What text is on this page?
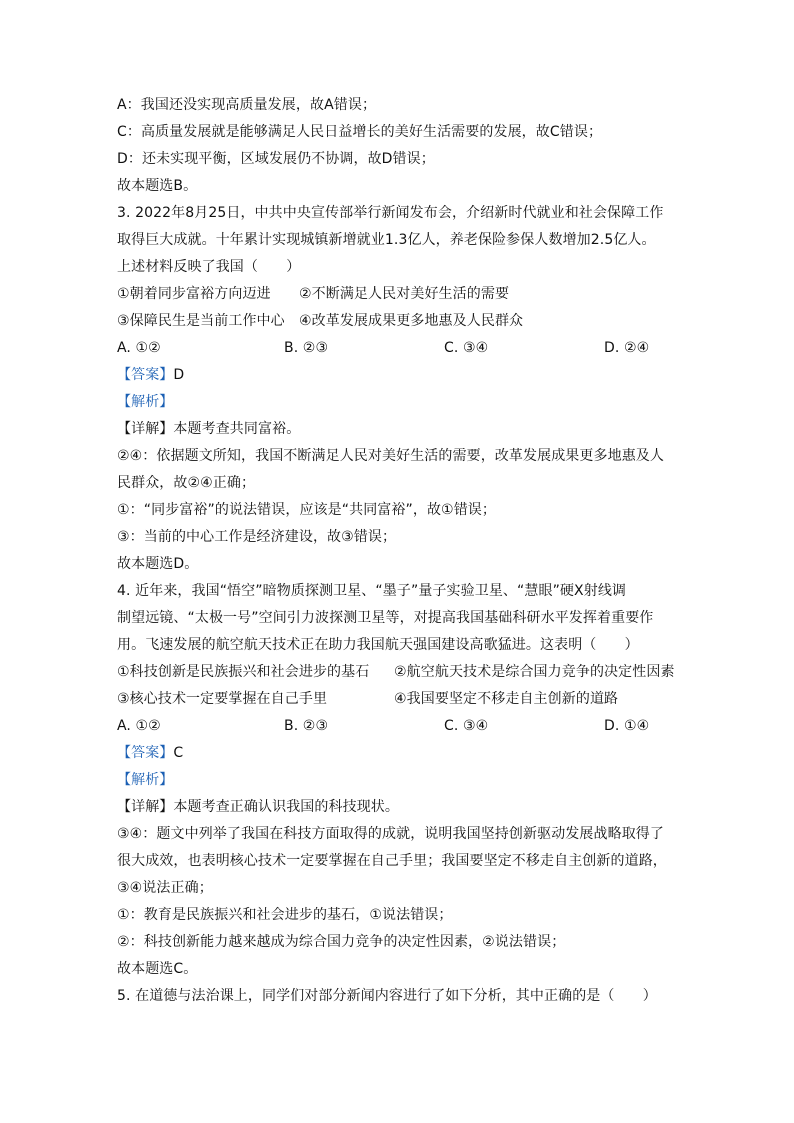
A：我国还没实现高质量发展，故A错误；
C：高质量发展就是能够满足人民日益增长的美好生活需要的发展，故C错误；
D：还未实现平衡，区域发展仍不协调，故D错误；
故本题选B。
3. 2022年8月25日，中共中央宣传部举行新闻发布会，介绍新时代就业和社会保障工作
取得巨大成就。十年累计实现城镇新增就业1.3亿人，养老保险参保人数增加2.5亿人。
上述材料反映了我国（　　）
①朝着同步富裕方向迈进	②不断满足人民对美好生活的需要
③保障民生是当前工作中心	④改革发展成果更多地惠及人民群众
A. ①②	B. ②③	C. ③④	D. ②④
【答案】D
【解析】
【详解】本题考查共同富裕。
②④：依据题文所知，我国不断满足人民对美好生活的需要，改革发展成果更多地惠及人
民群众，故②④正确；
①：“同步富裕”的说法错误，应该是“共同富裕”，故①错误；
③：当前的中心工作是经济建设，故③错误；
故本题选D。
4. 近年来，我国“悟空”暗物质探测卫星、“墨子”量子实验卫星、“慧眼”硬X射线调
制望远镜、“太极一号”空间引力波探测卫星等，对提高我国基础科研水平发挥着重要作
用。飞速发展的航空航天技术正在助力我国航天强国建设高歌猛进。这表明（　　）
①科技创新是民族振兴和社会进步的基石	②航空航天技术是综合国力竞争的决定性因素
③核心技术一定要掌握在自己手里	④我国要坚定不移走自主创新的道路
A. ①②	B. ②③	C. ③④	D. ①④
【答案】C
【解析】
【详解】本题考查正确认识我国的科技现状。
③④：题文中列举了我国在科技方面取得的成就，说明我国坚持创新驱动发展战略取得了
很大成效，也表明核心技术一定要掌握在自己手里；我国要坚定不移走自主创新的道路，
③④说法正确；
①：教育是民族振兴和社会进步的基石，①说法错误；
②：科技创新能力越来越成为综合国力竞争的决定性因素，②说法错误；
故本题选C。
5. 在道德与法治课上，同学们对部分新闻内容进行了如下分析，其中正确的是（　　）
